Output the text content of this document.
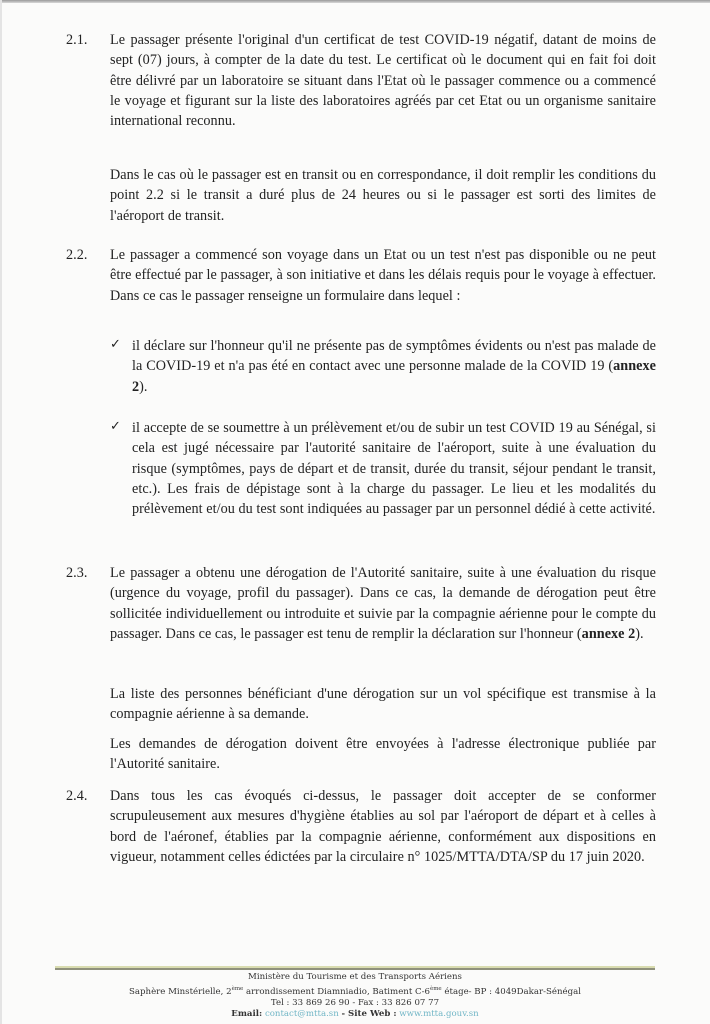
2.1. Le passager présente l'original d'un certificat de test COVID-19 négatif, datant de moins de sept (07) jours, à compter de la date du test. Le certificat où le document qui en fait foi doit être délivré par un laboratoire se situant dans l'Etat où le passager commence ou a commencé le voyage et figurant sur la liste des laboratoires agréés par cet Etat ou un organisme sanitaire international reconnu.
Dans le cas où le passager est en transit ou en correspondance, il doit remplir les conditions du point 2.2 si le transit a duré plus de 24 heures ou si le passager est sorti des limites de l'aéroport de transit.
2.2. Le passager a commencé son voyage dans un Etat ou un test n'est pas disponible ou ne peut être effectué par le passager, à son initiative et dans les délais requis pour le voyage à effectuer. Dans ce cas le passager renseigne un formulaire dans lequel :
✓ il déclare sur l'honneur qu'il ne présente pas de symptômes évidents ou n'est pas malade de la COVID-19 et n'a pas été en contact avec une personne malade de la COVID 19 (annexe 2).
✓ il accepte de se soumettre à un prélèvement et/ou de subir un test COVID 19 au Sénégal, si cela est jugé nécessaire par l'autorité sanitaire de l'aéroport, suite à une évaluation du risque (symptômes, pays de départ et de transit, durée du transit, séjour pendant le transit, etc.). Les frais de dépistage sont à la charge du passager. Le lieu et les modalités du prélèvement et/ou du test sont indiquées au passager par un personnel dédié à cette activité.
2.3. Le passager a obtenu une dérogation de l'Autorité sanitaire, suite à une évaluation du risque (urgence du voyage, profil du passager). Dans ce cas, la demande de dérogation peut être sollicitée individuellement ou introduite et suivie par la compagnie aérienne pour le compte du passager. Dans ce cas, le passager est tenu de remplir la déclaration sur l'honneur (annexe 2).
La liste des personnes bénéficiant d'une dérogation sur un vol spécifique est transmise à la compagnie aérienne à sa demande.
Les demandes de dérogation doivent être envoyées à l'adresse électronique publiée par l'Autorité sanitaire.
2.4. Dans tous les cas évoqués ci-dessus, le passager doit accepter de se conformer scrupuleusement aux mesures d'hygiène établies au sol par l'aéroport de départ et à celles à bord de l'aéronef, établies par la compagnie aérienne, conformément aux dispositions en vigueur, notamment celles édictées par la circulaire n° 1025/MTTA/DTA/SP du 17 juin 2020.
Ministère du Tourisme et des Transports Aériens
Saphère Minstérielle, 2ème arrondissement Diamniadio, Batiment C-6ème étage- BP : 4049Dakar-Sénégal
Tel : 33 869 26 90 - Fax : 33 826 07 77
Email: contact@mtta.sn - Site Web : www.mtta.gouv.sn
